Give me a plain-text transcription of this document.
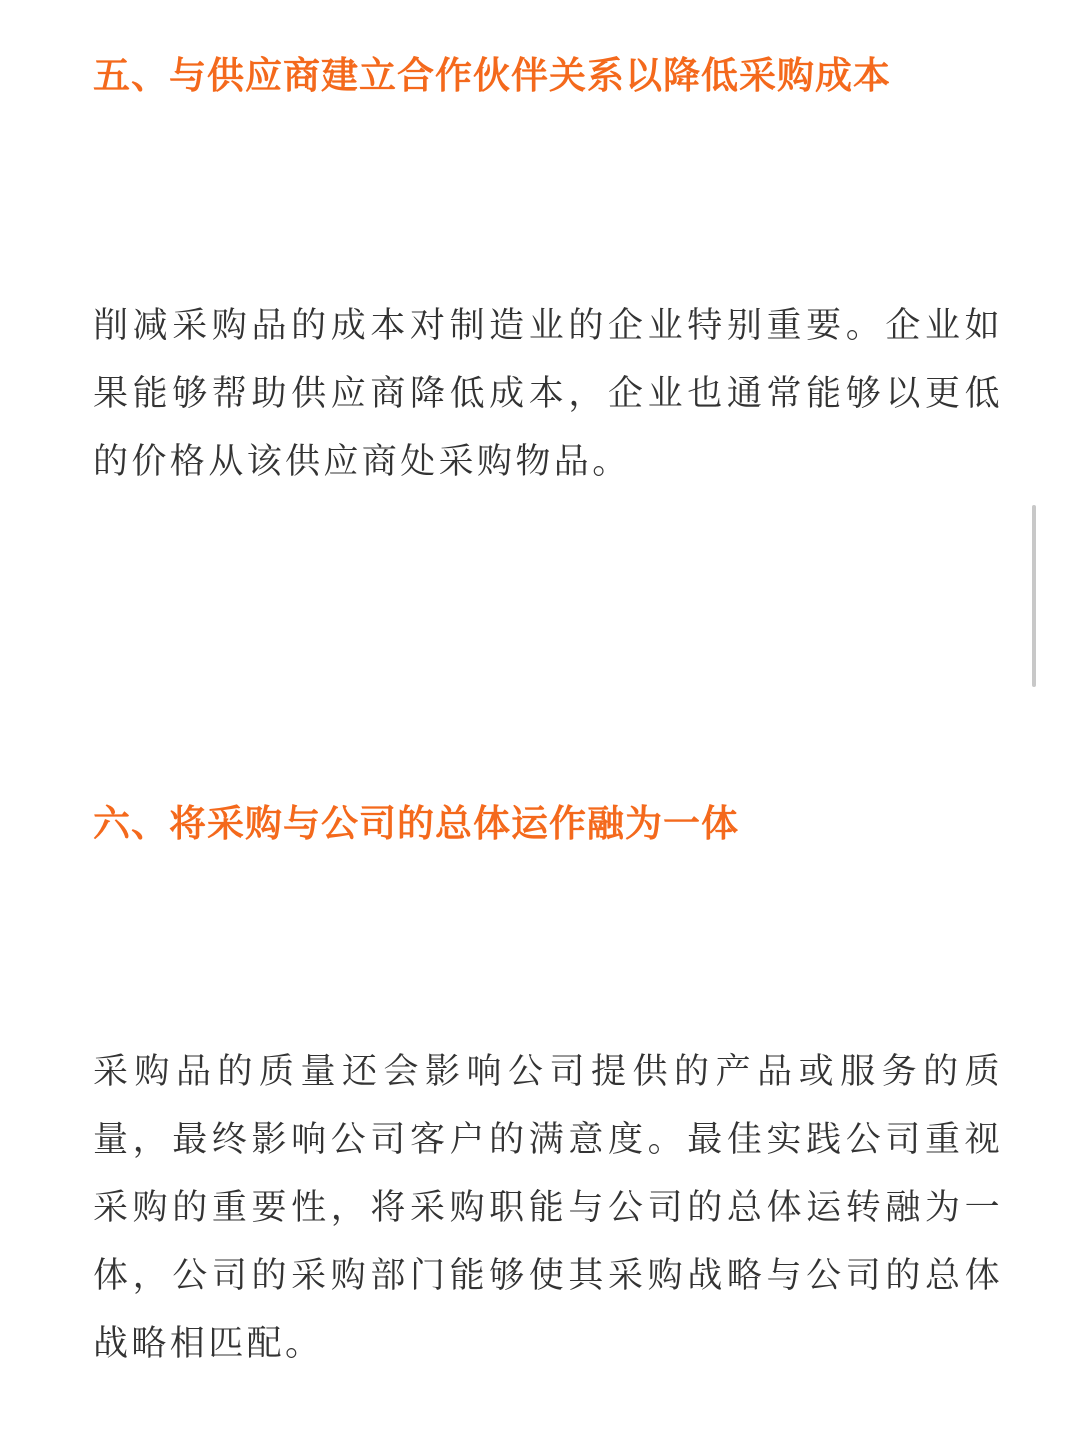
五、与供应商建立合作伙伴关系以降低采购成本

削减采购品的成本对制造业的企业特别重要。企业如果能够帮助供应商降低成本，企业也通常能够以更低的价格从该供应商处采购物品。

六、将采购与公司的总体运作融为一体

采购品的质量还会影响公司提供的产品或服务的质量，最终影响公司客户的满意度。最佳实践公司重视采购的重要性，将采购职能与公司的总体运转融为一体，公司的采购部门能够使其采购战略与公司的总体战略相匹配。
